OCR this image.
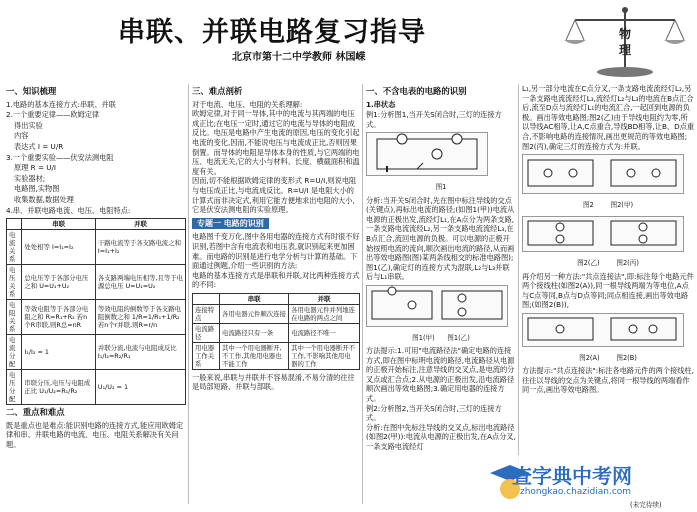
串联、并联电路复习指导
北京市第十二中学教师 林国嵘
物
理
一、知识梳理
1.电路的基本连接方式:串联、并联
2.一个重要定律——欧姆定律
得出实验
内容
表达式 I = U/R
3.一个重要实验——伏安法测电阻
原理 R = U/I
实验器材;
电路图,实物图
收集数据,数据处理
4.串、并联电路电流、电压、电阻特点:
	串联	并联
电流关系	处处相等 I=I₁=I₂	干路电流等于各支路电流之和 I=I₁+I₂
电压关系	总电压等于各部分电压之和 U=U₁+U₂	各支路两端电压相等,且等于电源总电压 U=U₁=U₂
电阻关系	等效电阻等于各部分电阻之和 R=R₁+R₂ 若n个R串联,则R总=nR	等效电阻的倒数等于各支路电阻倒数之和 1/R=1/R₁+1/R₂ 若n个r并联,则R=r/n
电流分配	I₁/I₂ = 1	并联分流,电流与电阻成反比 I₁/I₂=R₂/R₁
电压分配	串联分压,电压与电阻成正比 U₁/U₂=R₁/R₂	U₁/U₂ = 1
二、重点和难点

既是重点也是难点:能识别电路的连接方式,能应用欧姆定律和串、并联电路的电流、电压、电阻关系解决有关问题。

三、难点剖析

对于电流、电压、电阻的关系理解:

欧姆定律,对于同一导体,其中的电流与其两端的电压成正比;在电压一定时,通过它的电流与导体的电阻成反比。电压是电路中产生电流的原因,电压的变化引起电流的变化,因而,不能说电压与电流成正比,否则因果倒置。而导体的电阻是导体本身的性质,与它两端的电压、电流无关,它的大小与材料、长度、横截面积和温度有关。

因而,切不能根据欧姆定律的变形式 R=U/I,则说电阻与电压成正比,与电流成反比。R=U/I 是电阻大小的计算式而非决定式,利用它能方便地求出电阻的大小,它是伏安法测电阻的实验原理。

专题一 电路的识别

电路图千变万化,图中各用电器的连接方式有时很不好识别,若图中含有电流表和电压表,就识别起来更加困难。而电路的识别是进行电学分析与计算的基础。下面通过例题,介绍一些识别的方法:

电路的基本连接方式是串联和并联,对比两种连接方式的不同:

	串联	并联
连接特点	各用电器元件顺次连接	各用电器元件并列地连在电路的两点之间
电流路径	电流路径只有一条	电流路径不唯一
用电器工作关系	其中一个用电器断开,不工作,其他用电器也不能工作	其中一个用电器断开不工作,不影响其他用电器的工作

一般来说,串联与并联并不容易混淆,不易分清的往往是局部短路、并联与部联。

一、不含电表的电路的识别
1.串状态

例1:分析图1,当开关S闭合时,三灯的连接方式。

图1

分析:当开关S闭合时,先在图中标注导线的交点(关键点),再标出电流的路径;(如图1(甲))电流从电源的正极出发,流经灯L₁,在A点分为两条支路,一条支路电流流经L₂,另一条支路电流流经L₃,在B点汇合,流回电源的负极。可以电源的正极开始按照电流的流向,顺次画出电流的路径,从而画出等效电路图(图)某两条线相交的标准电路图);图1(乙),确定灯的连接方式为混联,L₂与L₃并联后与L₁串联。

图1(甲) 图1(乙)

方法提示:1.可用"电流路径法"确定电路的连接方式,即在图中标明电流的路径,电流路径从电源的正极开始标注,注意导线的交叉点,是电流的分叉点或汇合点;2.从电源的正极出发,沿电流路径顺次画出等效电路图;3.确定用电器的连接方式。

例2:分析图2,当开关S闭合时,三灯的连接方式。

分析:在图中先标注导线的交叉点,标出电流路径(如图2(甲)):电流从电源的正极出发,在A点分叉,一条支路电流经灯

L₁,另一部分电流在C点分叉,一条支路电流流经灯L₂,另一条支路电流流经灯L₃,流经灯L₂与L₃的电流在B点汇合后,流至D点与流经灯L₁的电流汇合,一起回到电源的负极。画出等效电路图;图2(乙)由于导线电阻约为零,所以导线AC相等,让A,C点重合,导线BD相等,让B、D点重合,不影响电路的连接情况,画出更规范的等效电路图;图2(丙),确定三灯的连接方式为:并联。

图2	图2(甲)
图2(乙)	图2(丙)

再介绍另一种方法:"共点连接法",即:标注每个电路元件两个接线柱(如图2(A)),同一根导线两端为等电位,A点与C点等同,B点与D点等同;同点相连接,画出等效电路图;(如图2(B)),

图2(A)	图2(B)

方法提示:"共点连接法":标注各电路元件的两个接线柱,往往以导线的交点为关键点,将同一根导线的两端看作同一点,画出等效电路图。

查字典中考网
zhongkao.chazidian.com
(未完待续)
